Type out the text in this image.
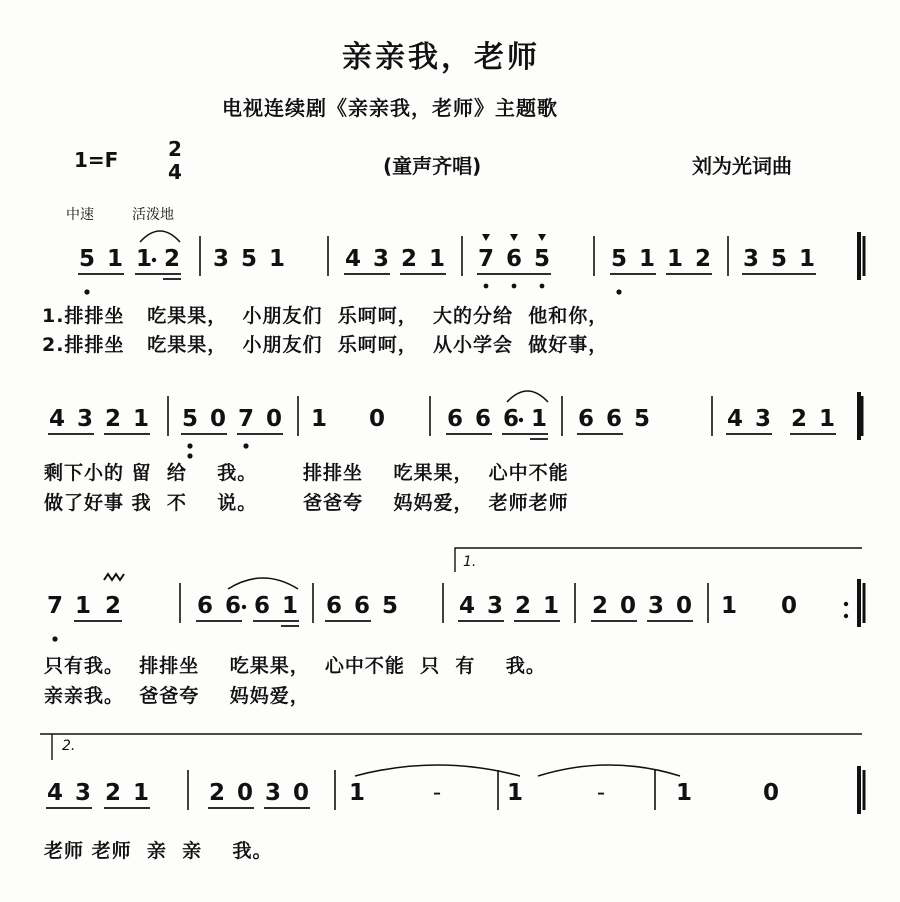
亲亲我，老师
电视连续剧《亲亲我，老师》主题歌
1=F 2
4	(童声齐唱)	刘为光词曲
中速	活泼地
5 1 1 2 3 5 1	4 3 2 1 7 6 5	5 1 1 2 3 5 1
1.排排坐   吃果果，  小朋友们  乐呵呵，  大的分给  他和你，
2.排排坐   吃果果，  小朋友们  乐呵呵，  从小学会  做好事，
4 3 2 1 5 0 7 0 1 0	6 6 6 1 6 6 5	4 3 2 1
剩下小的 留  给    我。      排排坐    吃果果，  心中不能
做了好事 我  不    说。      爸爸夸    妈妈爱，  老师老师
7 1 2	6 6 6 1 6 6 5	4 3 2 1 2 0 3 0 1 0
只有我。  排排坐    吃果果，  心中不能  只  有    我。
亲亲我。  爸爸夸    妈妈爱，
4 3 2 1	2 0 3 0 1	-	1	-	1	0
老师 老师  亲  亲    我。
1.
2.
